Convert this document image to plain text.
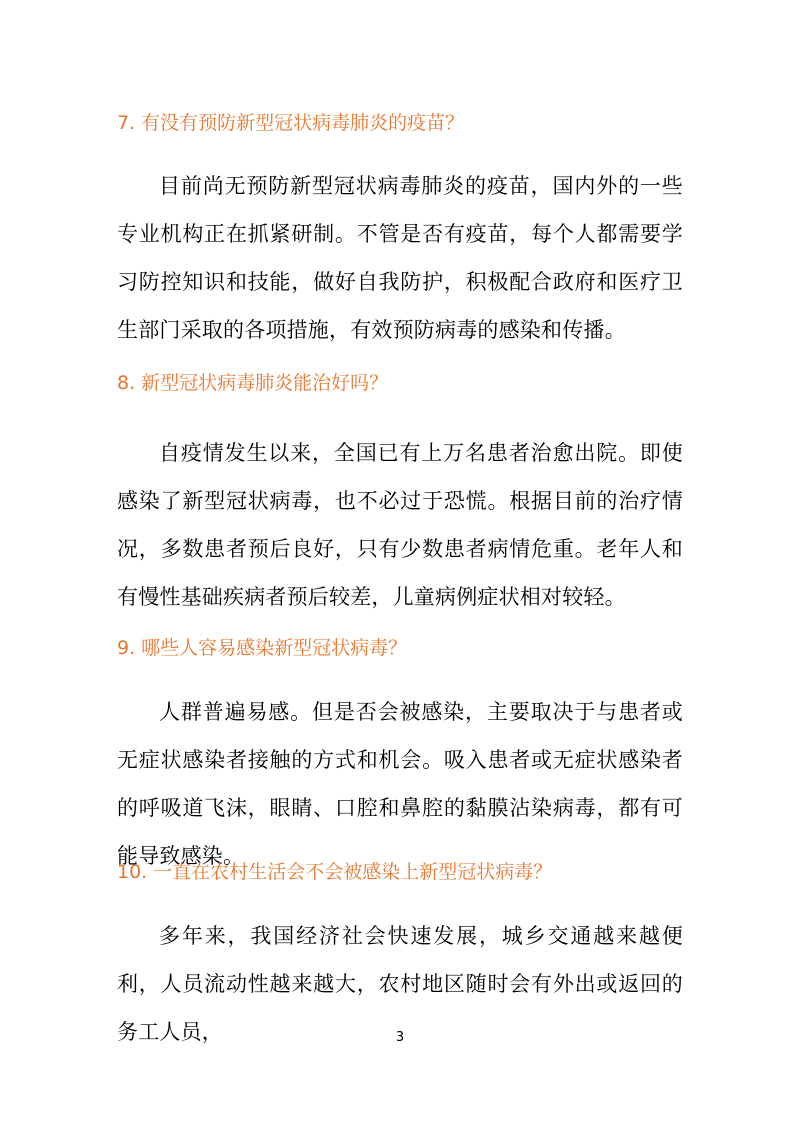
7. 有没有预防新型冠状病毒肺炎的疫苗？

目前尚无预防新型冠状病毒肺炎的疫苗，国内外的一些专业机构正在抓紧研制。不管是否有疫苗，每个人都需要学习防控知识和技能，做好自我防护，积极配合政府和医疗卫生部门采取的各项措施，有效预防病毒的感染和传播。

8. 新型冠状病毒肺炎能治好吗？

自疫情发生以来，全国已有上万名患者治愈出院。即使感染了新型冠状病毒，也不必过于恐慌。根据目前的治疗情况，多数患者预后良好，只有少数患者病情危重。老年人和有慢性基础疾病者预后较差，儿童病例症状相对较轻。

9. 哪些人容易感染新型冠状病毒？

人群普遍易感。但是否会被感染，主要取决于与患者或无症状感染者接触的方式和机会。吸入患者或无症状感染者的呼吸道飞沫，眼睛、口腔和鼻腔的黏膜沾染病毒，都有可能导致感染。

10. 一直在农村生活会不会被感染上新型冠状病毒？

多年来，我国经济社会快速发展，城乡交通越来越便利，人员流动性越来越大，农村地区随时会有外出或返回的务工人员，	3
